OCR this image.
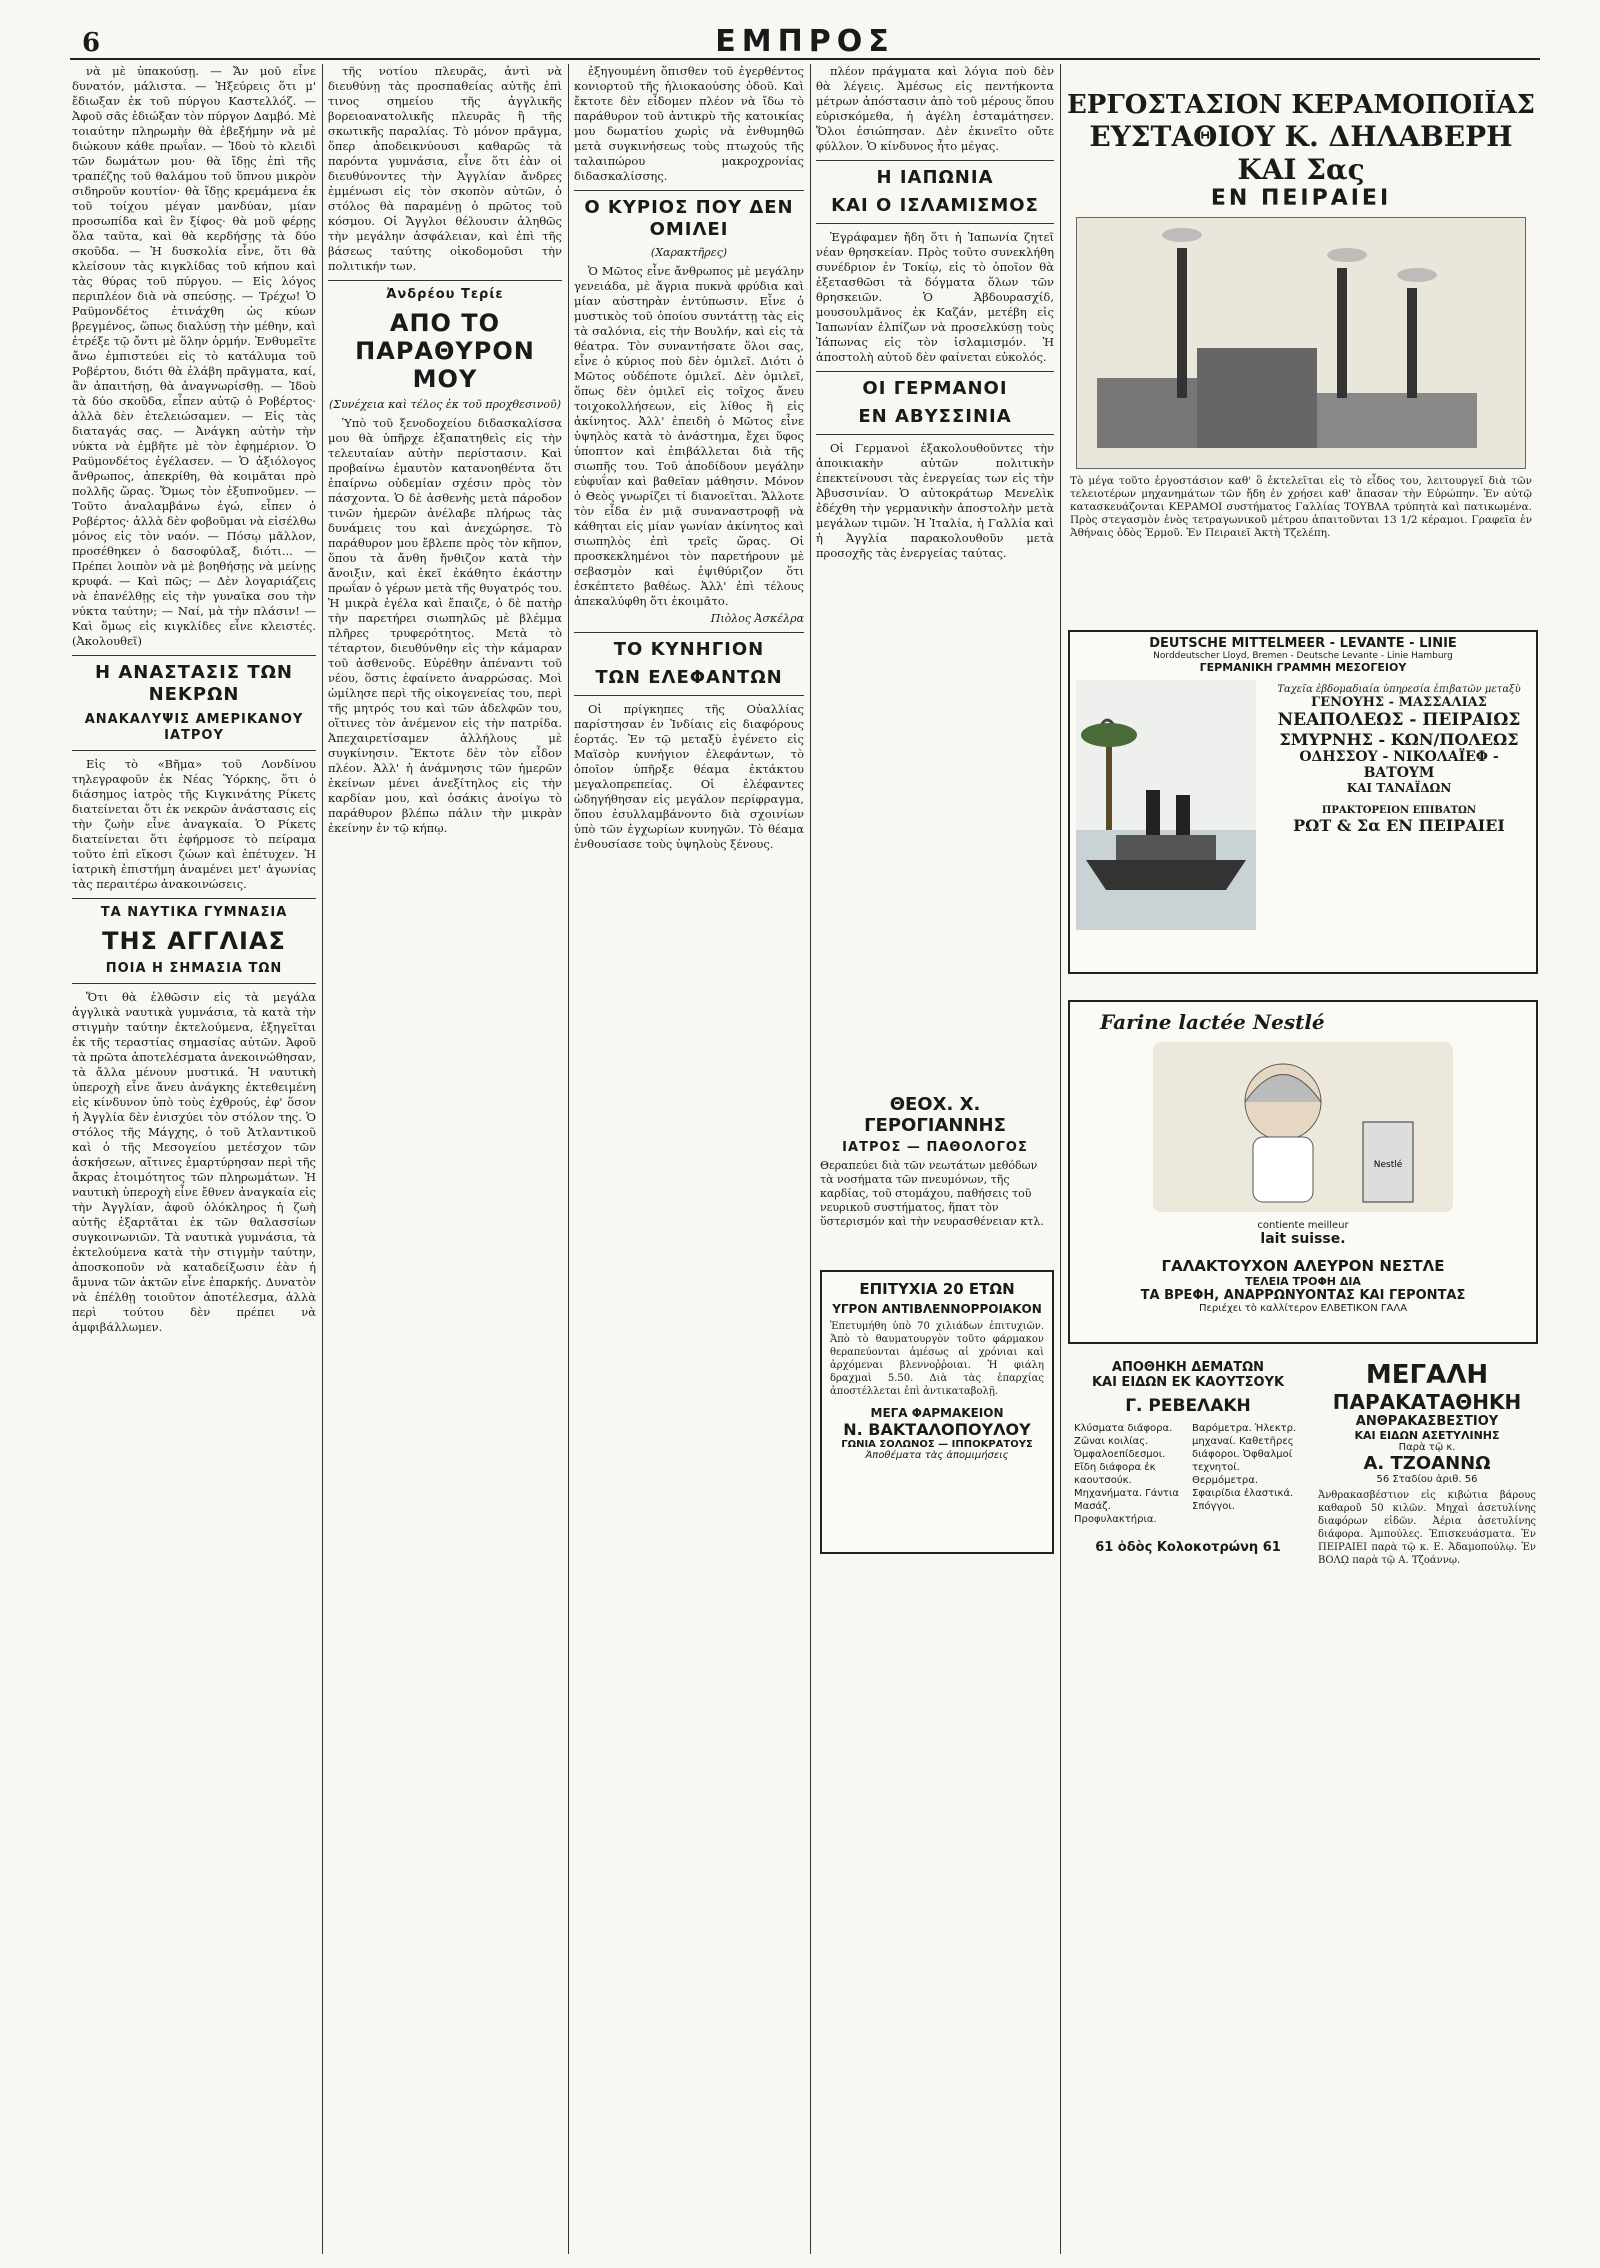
6	ΕΜΠΡΟΣ

νὰ μὲ ὑπακούσῃ. — Ἄν μοῦ εἶνε δυνατόν, μάλιστα. — Ἠξεύρεις ὅτι μ' ἔδιωξαν ἐκ τοῦ πύργου Καστελλόζ. — Ἀφοῦ σᾶς ἐδιώξαν τὸν πύργον Δαμβό. Μὲ τοιαύτην πληρωμὴν θὰ ἐβεξήμην νὰ μὲ διώκουν κάθε πρωΐαν. — Ἰδοὺ τὸ κλειδὶ τῶν δωμάτων μου· θὰ ἴδῃς ἐπὶ τῆς τραπέζης τοῦ θαλάμου τοῦ ὕπνου μικρὸν σιδηροῦν κουτίον· θὰ ἴδῃς κρεμάμενα ἐκ τοῦ τοίχου μέγαν μανδύαν, μίαν προσωπίδα καὶ ἓν ξίφος· θὰ μοῦ φέρῃς ὅλα ταῦτα, καὶ θὰ κερδήσῃς τὰ δύο σκοῦδα. — Ἡ δυσκολία εἶνε, ὅτι θὰ κλείσουν τὰς κιγκλίδας τοῦ κήπου καὶ τὰς θύρας τοῦ πύργου. — Εἰς λόγος περιπλέον διὰ νὰ σπεύσῃς. — Τρέχω! Ὁ Ραϋμονδέτος ἐτινάχθη ὡς κύων βρεγμένος, ὥπως διαλύσῃ τὴν μέθην, καὶ ἐτρέξε τῷ ὄντι μὲ ὅλην ὁρμήν. Ἐνθυμεῖτε ἄνω ἐμπιστεύει εἰς τὸ κατάλυμα τοῦ Ροβέρτου, διότι θὰ ἐλάβη πρᾶγματα, καί, ἂν ἀπαιτήσῃ, θὰ ἀναγνωρίσθῃ. — Ἰδοὺ τὰ δύο σκοῦδα, εἶπεν αὐτῷ ὁ Ροβέρτος· ἀλλὰ δὲν ἐτελειώσαμεν. — Εἰς τὰς διαταγάς σας. — Ἀνάγκη αὐτὴν τὴν νύκτα νὰ ἐμβῆτε μὲ τὸν ἐφημέριον. Ὁ Ραϋμονδέτος ἐγέλασεν. — Ὁ ἀξιόλογος ἄνθρωπος, ἀπεκρίθη, θὰ κοιμᾶται πρὸ πολλῆς ὥρας. Ὅμως τὸν ἐξυπνοῦμεν. — Τοῦτο ἀναλαμβάνω ἐγώ, εἶπεν ὁ Ροβέρτος· ἀλλὰ δὲν φοβοῦμαι νὰ εἰσέλθω μόνος εἰς τὸν ναόν. — Πόσῳ μᾶλλον, προσέθηκεν ὁ δασοφύλαξ, διότι... — Πρέπει λοιπὸν νὰ μὲ βοηθήσῃς νὰ μείνῃς κρυφά. — Καὶ πῶς; — Δὲν λογαριάζεις νὰ ἐπανέλθῃς εἰς τὴν γυναῖκα σου τὴν νύκτα ταύτην; — Ναί, μὰ τὴν πλάσιν! — Καὶ ὅμως εἰς κιγκλίδες εἶνε κλειστές. (Ἀκολουθεῖ)

Η ΑΝΑΣΤΑΣΙΣ ΤΩΝ ΝΕΚΡΩΝ
ΑΝΑΚΑΛΥΨΙΣ ΑΜΕΡΙΚΑΝΟΥ ΙΑΤΡΟΥ

Εἰς τὸ «Βῆμα» τοῦ Λονδίνου τηλεγραφοῦν ἐκ Νέας Ὑόρκης, ὅτι ὁ διάσημος ἰατρὸς τῆς Κιγκινάτης Ρίκετς διατείνεται ὅτι ἐκ νεκρῶν ἀνάστασις εἰς τὴν ζωὴν εἶνε ἀναγκαία. Ὁ Ρίκετς διατείνεται ὅτι ἐφήρμοσε τὸ πείραμα τοῦτο ἐπὶ εἴκοσι ζώων καὶ ἐπέτυχεν. Ἠ ἰατρικὴ ἐπιστήμη ἀναμένει μετ' ἀγωνίας τὰς περαιτέρω ἀνακοινώσεις.

ΤΑ ΝΑΥΤΙΚΑ ΓΥΜΝΑΣΙΑ
ΤΗΣ ΑΓΓΛΙΑΣ
ΠΟΙΑ Η ΣΗΜΑΣΙΑ ΤΩΝ

Ὅτι θὰ ἐλθῶσιν εἰς τὰ μεγάλα ἀγγλικὰ ναυτικὰ γυμνάσια, τὰ κατὰ τὴν στιγμὴν ταύτην ἐκτελούμενα, ἐξηγεῖται ἐκ τῆς τεραστίας σημασίας αὐτῶν. Ἀφοῦ τὰ πρῶτα ἀποτελέσματα ἀνεκοινώθησαν, τὰ ἄλλα μένουν μυστικά. Ἡ ναυτικὴ ὑπεροχὴ εἶνε ἄνευ ἀνάγκης ἐκτεθειμένη εἰς κίνδυνον ὑπὸ τοὺς ἐχθρούς, ἐφ' ὅσον ἡ Ἀγγλία δὲν ἐνισχύει τὸν στόλον της. Ὁ στόλος τῆς Μάγχης, ὁ τοῦ Ἀτλαντικοῦ καὶ ὁ τῆς Μεσογείου μετέσχον τῶν ἀσκήσεων, αἵτινες ἐμαρτύρησαν περὶ τῆς ἄκρας ἑτοιμότητος τῶν πληρωμάτων. Ἡ ναυτικὴ ὑπεροχὴ εἶνε ἔθνεν ἀναγκαία εἰς τὴν Ἀγγλίαν, ἀφοῦ ὁλόκληρος ἡ ζωὴ αὐτῆς ἐξαρτᾶται ἐκ τῶν θαλασσίων συγκοινωνιῶν. Τὰ ναυτικὰ γυμνάσια, τὰ ἐκτελούμενα κατὰ τὴν στιγμὴν ταύτην, ἀποσκοποῦν νὰ καταδείξωσιν ἐὰν ἡ ἄμυνα τῶν ἀκτῶν εἶνε ἐπαρκής. Δυνατὸν νὰ ἐπέλθῃ τοιοῦτον ἀποτέλεσμα, ἀλλὰ περὶ τούτου δὲν πρέπει νὰ ἀμφιβάλλωμεν.

τῆς νοτίου πλευρᾶς, ἀντὶ νὰ διευθύνῃ τὰς προσπαθείας αὐτῆς ἐπὶ τινος σημείου τῆς ἀγγλικῆς βορειοανατολικῆς πλευρᾶς ἢ τῆς σκωτικῆς παραλίας. Τὸ μόνον πρᾶγμα, ὅπερ ἀποδεικνύουσι καθαρῶς τὰ παρόντα γυμνάσια, εἶνε ὅτι ἐὰν οἱ διευθύνοντες τὴν Ἀγγλίαν ἄνδρες ἐμμένωσι εἰς τὸν σκοπὸν αὐτῶν, ὁ στόλος θὰ παραμένῃ ὁ πρῶτος τοῦ κόσμου. Οἱ Ἄγγλοι θέλουσιν ἀληθῶς τὴν μεγάλην ἀσφάλειαν, καὶ ἐπὶ τῆς βάσεως ταύτης οἰκοδομοῦσι τὴν πολιτικήν των.

Ἀνδρέου Τερίε
ΑΠΟ ΤΟ ΠΑΡΑΘΥΡΟΝ ΜΟΥ
(Συνέχεια καὶ τέλος ἐκ τοῦ προχθεσινοῦ)

Ὑπὸ τοῦ ξενοδοχείου διδασκαλίσσα μου θὰ ὑπῆρχε ἐξαπατηθεὶς εἰς τὴν τελευταίαν αὐτὴν περίστασιν. Καὶ προβαίνω ἐμαυτὸν κατανοηθέντα ὅτι ἐπαίρνω οὐδεμίαν σχέσιν πρὸς τὸν πάσχοντα. Ὁ δὲ ἀσθενὴς μετὰ πάροδον τινῶν ἡμερῶν ἀνέλαβε πλήρως τὰς δυνάμεις του καὶ ἀνεχώρησε. Τὸ παράθυρον μου ἔβλεπε πρὸς τὸν κῆπον, ὅπου τὰ ἄνθη ἤνθιζον κατὰ τὴν ἄνοιξιν, καὶ ἐκεῖ ἐκάθητο ἐκάστην πρωΐαν ὁ γέρων μετὰ τῆς θυγατρός του. Ἡ μικρὰ ἐγέλα καὶ ἔπαιζε, ὁ δὲ πατὴρ τὴν παρετήρει σιωπηλῶς μὲ βλέμμα πλῆρες τρυφερότητος. Μετὰ τὸ τέταρτον, διευθύνθην εἰς τὴν κάμαραν τοῦ ἀσθενοῦς. Εὑρέθην ἀπέναντι τοῦ νέου, ὅστις ἐφαίνετο ἀναρρώσας. Μοὶ ὡμίλησε περὶ τῆς οἰκογενείας του, περὶ τῆς μητρός του καὶ τῶν ἀδελφῶν του, οἵτινες τὸν ἀνέμενον εἰς τὴν πατρίδα. Ἀπεχαιρετίσαμεν ἀλλήλους μὲ συγκίνησιν. Ἔκτοτε δὲν τὸν εἶδον πλέον. Ἀλλ' ἡ ἀνάμνησις τῶν ἡμερῶν ἐκείνων μένει ἀνεξίτηλος εἰς τὴν καρδίαν μου, καὶ ὁσάκις ἀνοίγω τὸ παράθυρον βλέπω πάλιν τὴν μικρὰν ἐκείνην ἐν τῷ κήπῳ.

ἐξηγουμένη ὅπισθεν τοῦ ἐγερθέντος κονιορτοῦ τῆς ἡλιοκαούσης ὁδοῦ. Καὶ ἔκτοτε δὲν εἶδομεν πλέον νὰ ἴδω τὸ παράθυρον τοῦ ἀντικρὺ τῆς κατοικίας μου δωματίου χωρὶς νὰ ἐνθυμηθῶ μετὰ συγκινήσεως τοὺς πτωχούς τῆς ταλαιπώρου μακροχρονίας διδασκαλίσσης.

Ο ΚΥΡΙΟΣ ΠΟΥ ΔΕΝ ΟΜΙΛΕΙ
(Χαρακτῆρες)

Ὁ Μῶτος εἶνε ἄνθρωπος μὲ μεγάλην γενειάδα, μὲ ἄγρια πυκνὰ φρύδια καὶ μίαν αὐστηρὰν ἐντύπωσιν. Εἶνε ὁ μυστικὸς τοῦ ὁποίου συντάττῃ τὰς εἰς τὰ σαλόνια, εἰς τὴν Βουλήν, καὶ εἰς τὰ θέατρα. Τὸν συναντήσατε ὅλοι σας, εἶνε ὁ κύριος ποὺ δὲν ὁμιλεῖ. Διότι ὁ Μῶτος οὐδέποτε ὁμιλεῖ. Δὲν ὁμιλεῖ, ὅπως δὲν ὁμιλεῖ εἰς τοῖχος ἄνευ τοιχοκολλήσεων, εἰς λίθος ἢ εἰς ἀκίνητος. Ἀλλ' ἐπειδὴ ὁ Μῶτος εἶνε ὑψηλὸς κατὰ τὸ ἀνάστημα, ἔχει ὕφος ὑποπτον καὶ ἐπιβάλλεται διὰ τῆς σιωπῆς του. Τοῦ ἀποδίδουν μεγάλην εὐφυΐαν καὶ βαθεῖαν μάθησιν. Μόνον ὁ Θεὸς γνωρίζει τί διανοεῖται. Ἄλλοτε τὸν εἶδα ἐν μιᾷ συναναστροφῇ νὰ κάθηται εἰς μίαν γωνίαν ἀκίνητος καὶ σιωπηλὸς ἐπὶ τρεῖς ὥρας. Οἱ προσκεκλημένοι τὸν παρετήρουν μὲ σεβασμὸν καὶ ἐψιθύριζον ὅτι ἐσκέπτετο βαθέως. Ἀλλ' ἐπὶ τέλους ἀπεκαλύφθη ὅτι ἐκοιμᾶτο.

Πιὸλος Ἀσκέλρα
ΤΟ ΚΥΝΗΓΙΟΝ
ΤΩΝ ΕΛΕΦΑΝΤΩΝ

Οἱ πρίγκηπες τῆς Οὐαλλίας παρίστησαν ἐν Ἰνδίαις εἰς διαφόρους ἑορτάς. Ἐν τῷ μεταξὺ ἐγένετο εἰς Μαϊσὸρ κυνήγιον ἐλεφάντων, τὸ ὁποῖον ὑπῆρξε θέαμα ἐκτάκτου μεγαλοπρεπείας. Οἱ ἐλέφαντες ὡδηγήθησαν εἰς μεγάλον περίφραγμα, ὅπου ἐσυλλαμβάνοντο διὰ σχοινίων ὑπὸ τῶν ἐγχωρίων κυνηγῶν. Τὸ θέαμα ἐνθουσίασε τοὺς ὑψηλοὺς ξένους.

πλέον πράγματα καὶ λόγια ποὺ δὲν θὰ λέγεις. Ἀμέσως εἰς πεντήκοντα μέτρων ἀπόστασιν ἀπὸ τοῦ μέρους ὅπου εὑρισκόμεθα, ἡ ἀγέλη ἐσταμάτησεν. Ὅλοι ἐσιώπησαν. Δὲν ἐκινεῖτο οὔτε φύλλον. Ὁ κίνδυνος ἦτο μέγας.

Η ΙΑΠΩΝΙΑ
ΚΑΙ Ο ΙΣΛΑΜΙΣΜΟΣ

Ἐγράφαμεν ἤδη ὅτι ἡ Ἰαπωνία ζητεῖ νέαν θρησκείαν. Πρὸς τοῦτο συνεκλήθη συνέδριον ἐν Τοκίῳ, εἰς τὸ ὁποῖον θὰ ἐξετασθῶσι τὰ δόγματα ὅλων τῶν θρησκειῶν. Ὁ Ἀβδουρασχίδ, μουσουλμᾶνος ἐκ Καζάν, μετέβη εἰς Ἰαπωνίαν ἐλπίζων νὰ προσελκύσῃ τοὺς Ἰάπωνας εἰς τὸν ἰσλαμισμόν. Ἡ ἀποστολὴ αὐτοῦ δὲν φαίνεται εὐκολός.

ΟΙ ΓΕΡΜΑΝΟΙ
ΕΝ ΑΒΥΣΣΙΝΙΑ

Οἱ Γερμανοὶ ἐξακολουθοῦντες τὴν ἀποικιακὴν αὐτῶν πολιτικὴν ἐπεκτείνουσι τὰς ἐνεργείας των εἰς τὴν Ἀβυσσινίαν. Ὁ αὐτοκράτωρ Μενελὶκ ἐδέχθη τὴν γερμανικὴν ἀποστολὴν μετὰ μεγάλων τιμῶν. Ἡ Ἰταλία, ἡ Γαλλία καὶ ἡ Ἀγγλία παρακολουθοῦν μετὰ προσοχῆς τὰς ἐνεργείας ταύτας.

ΘΕΟΧ. Χ. ΓΕΡΟΓΙΑΝΝΗΣ
ΙΑΤΡΟΣ — ΠΑΘΟΛΟΓΟΣ
Θεραπεύει διὰ τῶν νεωτάτων μεθόδων τὰ νοσήματα τῶν πνευμόνων, τῆς καρδίας, τοῦ στομάχου, παθήσεις τοῦ νευρικοῦ συστήματος, ἥπατ τὸν ὕστερισμόν καὶ τὴν νευρασθένειαν κτλ.
ΕΠΙΤΥΧΙΑ 20 ΕΤΩΝ
ΥΓΡΟΝ ΑΝΤΙΒΛΕΝΝΟΡΡΟΙΑΚΟΝ
Ἐπετυμήθη ὑπὸ 70 χιλιάδων ἐπιτυχιῶν. Ἀπὸ τὸ θαυματουργὸν τοῦτο φάρμακον θεραπεύονται ἀμέσως αἱ χρόνιαι καὶ ἀρχόμεναι βλεννοῤῥοιαι. Ἡ φιάλη δραχμαὶ 5.50. Διὰ τὰς ἐπαρχίας ἀποστέλλεται ἐπὶ ἀντικαταβολῇ.
ΜΕΓΑ ΦΑΡΜΑΚΕΙΟΝ
Ν. ΒΑΚΤΑΛΟΠΟΥΛΟΥ
ΓΩΝΙΑ ΣΟΛΩΝΟΣ — ΙΠΠΟΚΡΑΤΟΥΣ
Ἀποθέματα τὰς ἀπομιμήσεις
ΕΡΓΟΣΤΑΣΙΟΝ ΚΕΡΑΜΟΠΟΙΪΑΣ
ΕΥΣΤΑΘΙΟΥ Κ. ΔΗΛΑΒΕΡΗ ΚΑΙ Σας
ΕΝ ΠΕΙΡΑΙΕΙ
Τὸ μέγα τοῦτο ἐργοστάσιον καθ' ὃ ἐκτελεῖται εἰς τὸ εἶδος του, λειτουργεῖ διὰ τῶν τελειοτέρων μηχανημάτων τῶν ἤδη ἐν χρήσει καθ' ἅπασαν τὴν Εὐρώπην. Ἐν αὐτῷ κατασκευάζονται ΚΕΡΑΜΟΙ συστήματος Γαλλίας ΤΟΥΒΛΑ τρύπητὰ καὶ πατικωμένα. Πρὸς στεγασμὸν ἑνὸς τετραγωνικοῦ μέτρου ἀπαιτοῦνται 13 1/2 κέραμοι. Γραφεῖα ἐν Ἀθήναις ὁδὸς Ἑρμοῦ. Ἐν Πειραιεῖ Ἀκτὴ Τζελέπη.
DEUTSCHE MITTELMEER - LEVANTE - LINIE
Norddeutscher Lloyd, Bremen - Deutsche Levante - Linie Hamburg
ΓΕΡΜΑΝΙΚΗ ΓΡΑΜΜΗ ΜΕΣΟΓΕΙΟΥ
Ταχεῖα ἑβδομαδιαία ὑπηρεσία ἐπιβατῶν μεταξὺ
ΓΕΝΟΥΗΣ - ΜΑΣΣΑΛΙΑΣ
ΝΕΑΠΟΛΕΩΣ - ΠΕΙΡΑΙΩΣ
ΣΜΥΡΝΗΣ - ΚΩΝ/ΠΟΛΕΩΣ
ΟΔΗΣΣΟΥ - ΝΙΚΟΛΑΪΕΦ - ΒΑΤΟΥΜ
ΚΑΙ ΤΑΝΑΪΔΩΝ
ΠΡΑΚΤΟΡΕΙΟΝ ΕΠΙΒΑΤΩΝ
ΡΩΤ & Σα ΕΝ ΠΕΙΡΑΙΕΙ
Farine lactée Nestlé
Nestlé
contiente meilleur
lait suisse.
ΓΑΛΑΚΤΟΥΧΟΝ ΑΛΕΥΡΟΝ ΝΕΣΤΛΕ
ΤΕΛΕΙΑ ΤΡΟΦΗ ΔΙΑ
ΤΑ ΒΡΕΦΗ, ΑΝΑΡΡΩΝΥΟΝΤΑΣ ΚΑΙ ΓΕΡΟΝΤΑΣ
Περιέχει τὸ καλλίτερον ΕΛΒΕΤΙΚΟΝ ΓΑΛΑ
ΑΠΟΘΗΚΗ ΔΕΜΑΤΩΝ
ΚΑΙ ΕΙΔΩΝ ΕΚ ΚΑΟΥΤΣΟΥΚ
Γ. ΡΕΒΕΛΑΚΗ
Κλύσματα διάφορα. Ζῶναι κοιλίας. Ὀμφαλοεπίδεσμοι. Εἴδη διάφορα ἐκ καουτσούκ. Μηχανήματα. Γάντια Μασάζ. Προφυλακτήρια.
Βαρόμετρα. Ἠλεκτρ. μηχαναί. Καθετῆρες διάφοροι. Ὀφθαλμοί τεχνητοί. Θερμόμετρα. Σφαιρίδια ἐλαστικά. Σπόγγοι.
61 ὁδὸς Κολοκοτρώνη 61
ΜΕΓΑΛΗ
ΠΑΡΑΚΑΤΑΘΗΚΗ
ΑΝΘΡΑΚΑΣΒΕΣΤΙΟΥ
ΚΑΙ ΕΙΔΩΝ ΑΣΕΤΥΛΙΝΗΣ
Παρὰ τῷ κ.
Α. ΤΖΟΑΝΝΩ
56 Σταδίου ἀριθ. 56
Ἀνθρακασβέστιον εἰς κιβώτια βάρους καθαροῦ 50 κιλῶν. Μηχαὶ ἀσετυλίνης διαφόρων εἰδῶν. Ἀέρια ἀσετυλίνης διάφορα. Ἀμπούλες. Ἐπισκευάσματα. Ἐν ΠΕΙΡΑΙΕΙ παρὰ τῷ κ. Ε. Ἀδαμοπούλῳ. Ἐν ΒΟΛῼ παρὰ τῷ Α. Τζοάννῳ.
